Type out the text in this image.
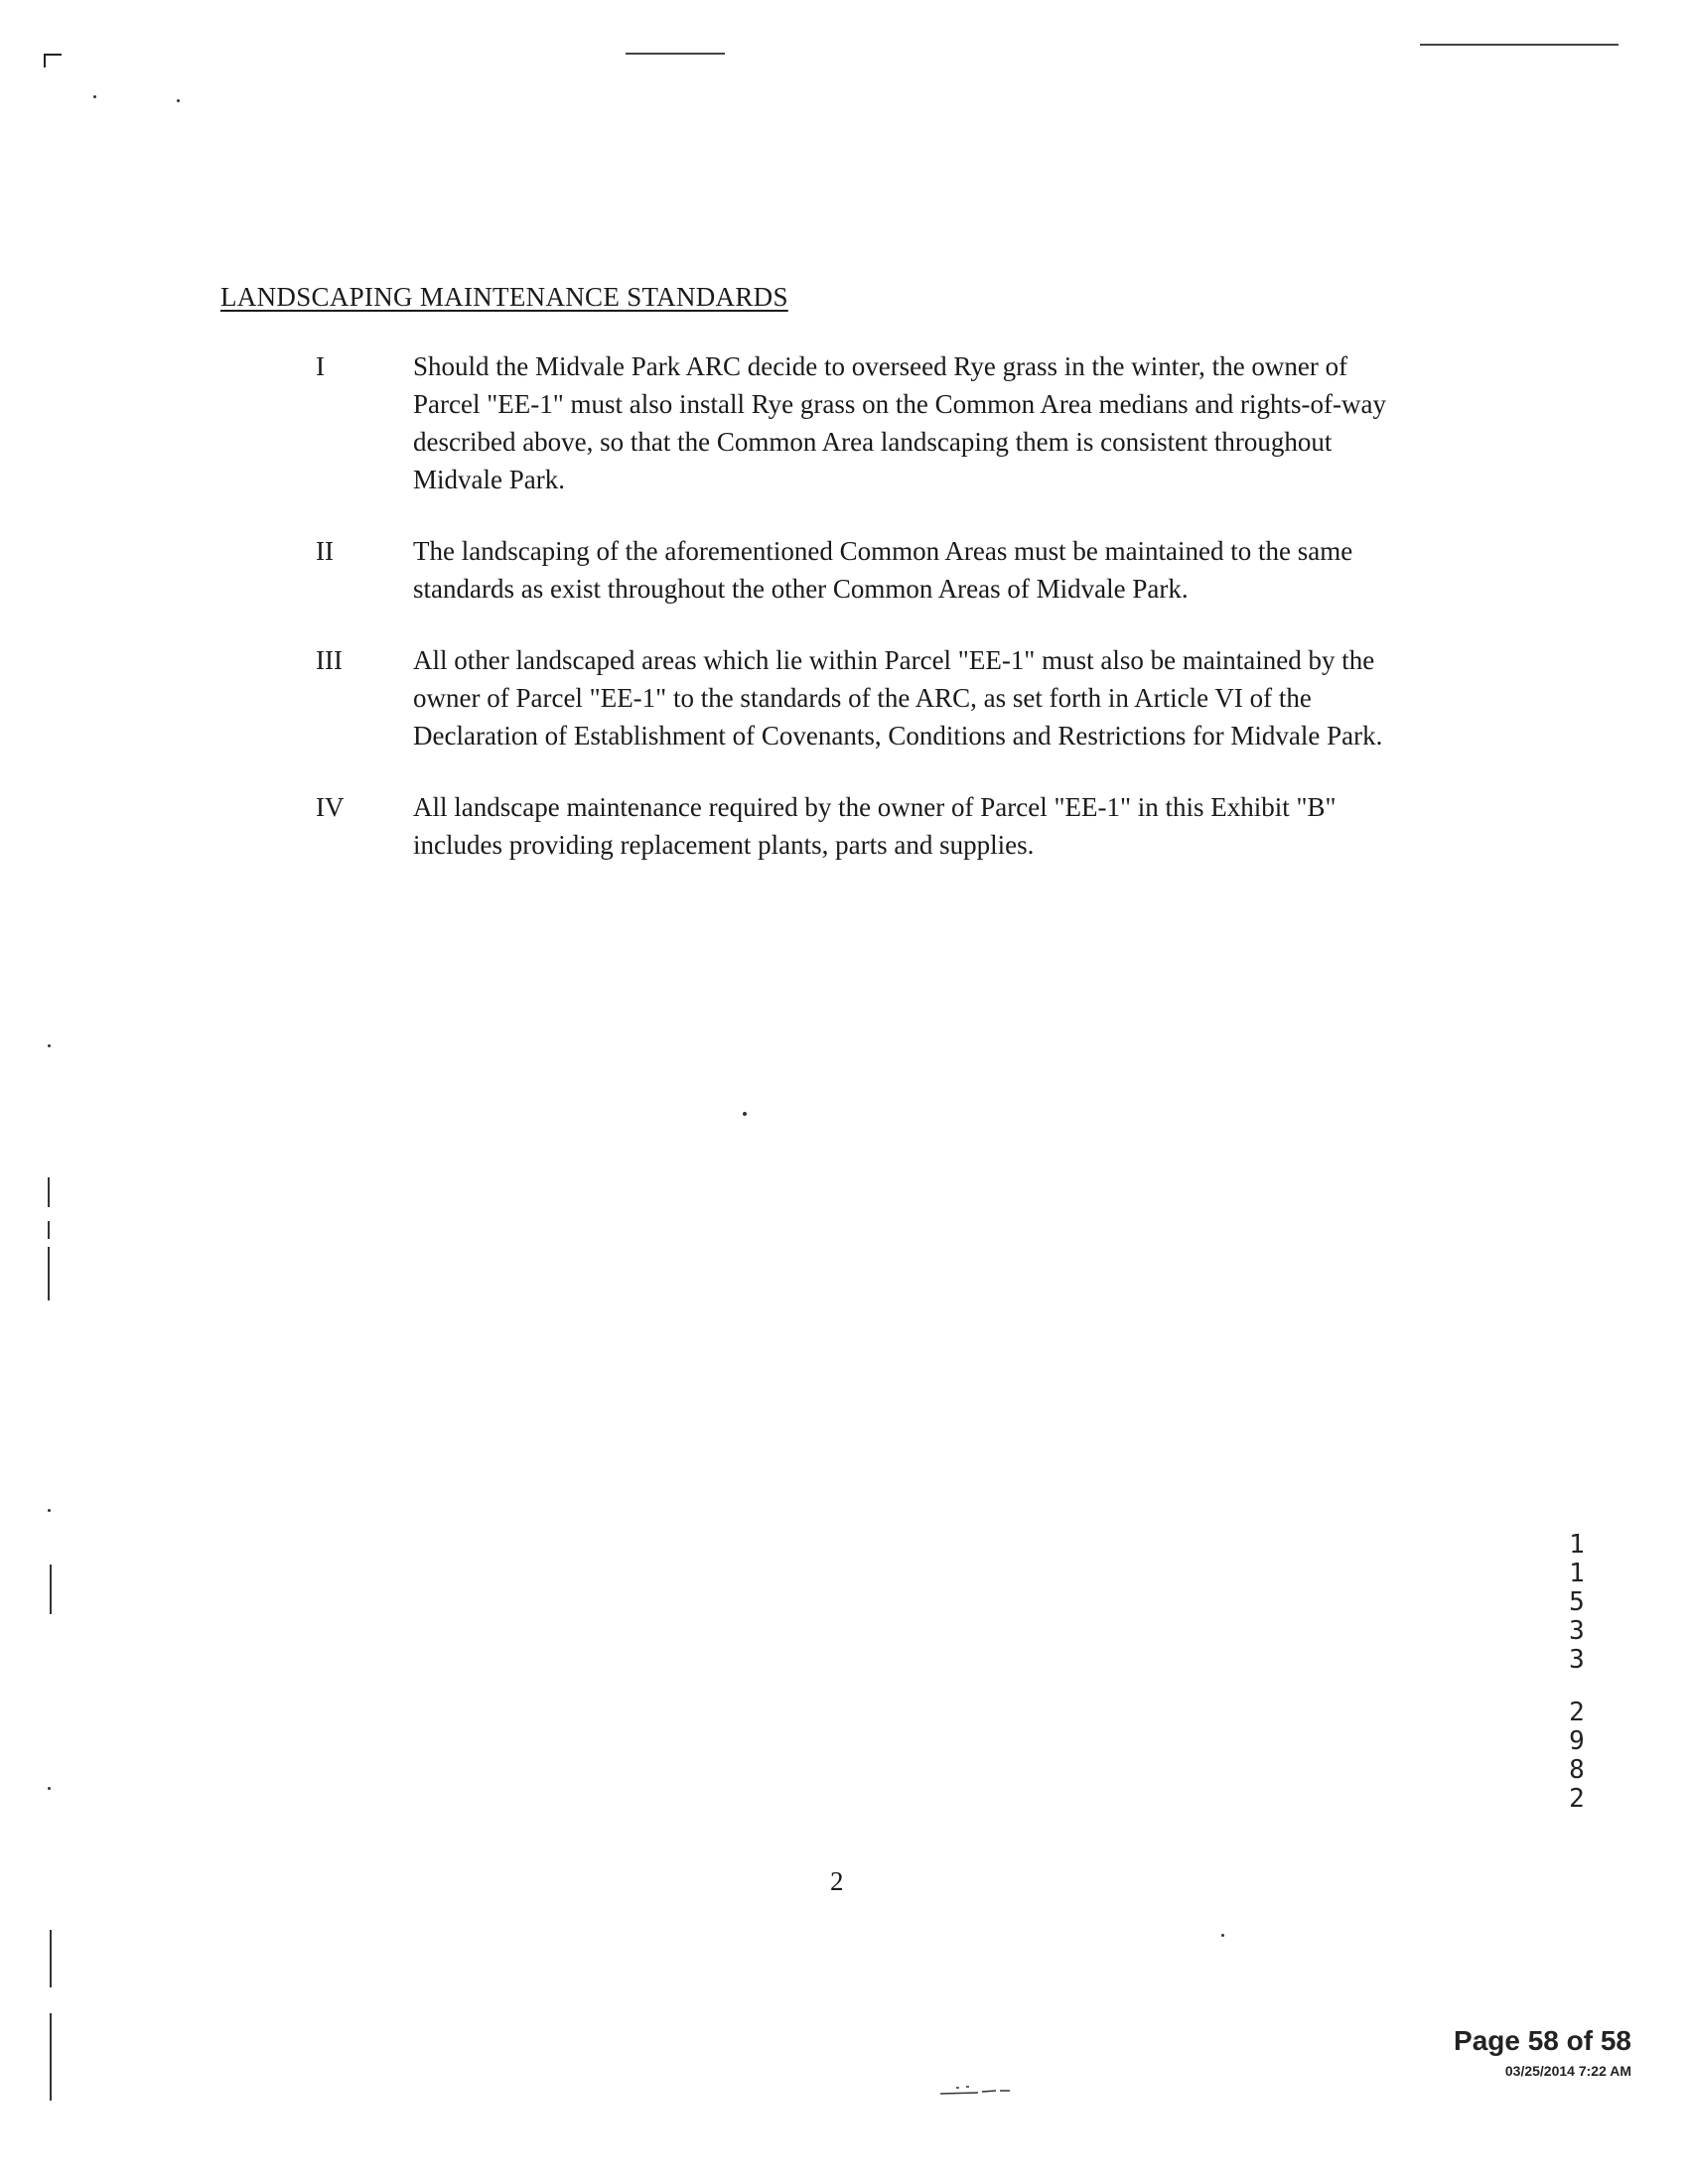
LANDSCAPING MAINTENANCE STANDARDS
I	Should the Midvale Park ARC decide to overseed Rye grass in the winter, the owner of Parcel "EE-1" must also install Rye grass on the Common Area medians and rights-of-way described above, so that the Common Area landscaping them is consistent throughout Midvale Park.
II	The landscaping of the aforementioned Common Areas must be maintained to the same standards as exist throughout the other Common Areas of Midvale Park.
III	All other landscaped areas which lie within Parcel "EE-1" must also be maintained by the owner of Parcel "EE-1" to the standards of the ARC, as set forth in Article VI of the Declaration of Establishment of Covenants, Conditions and Restrictions for Midvale Park.
IV	All landscape maintenance required by the owner of Parcel "EE-1" in this Exhibit "B" includes providing replacement plants, parts and supplies.
2
1
1
5
3
3
2
9
8
2
Page 58 of 58
03/25/2014 7:22 AM
